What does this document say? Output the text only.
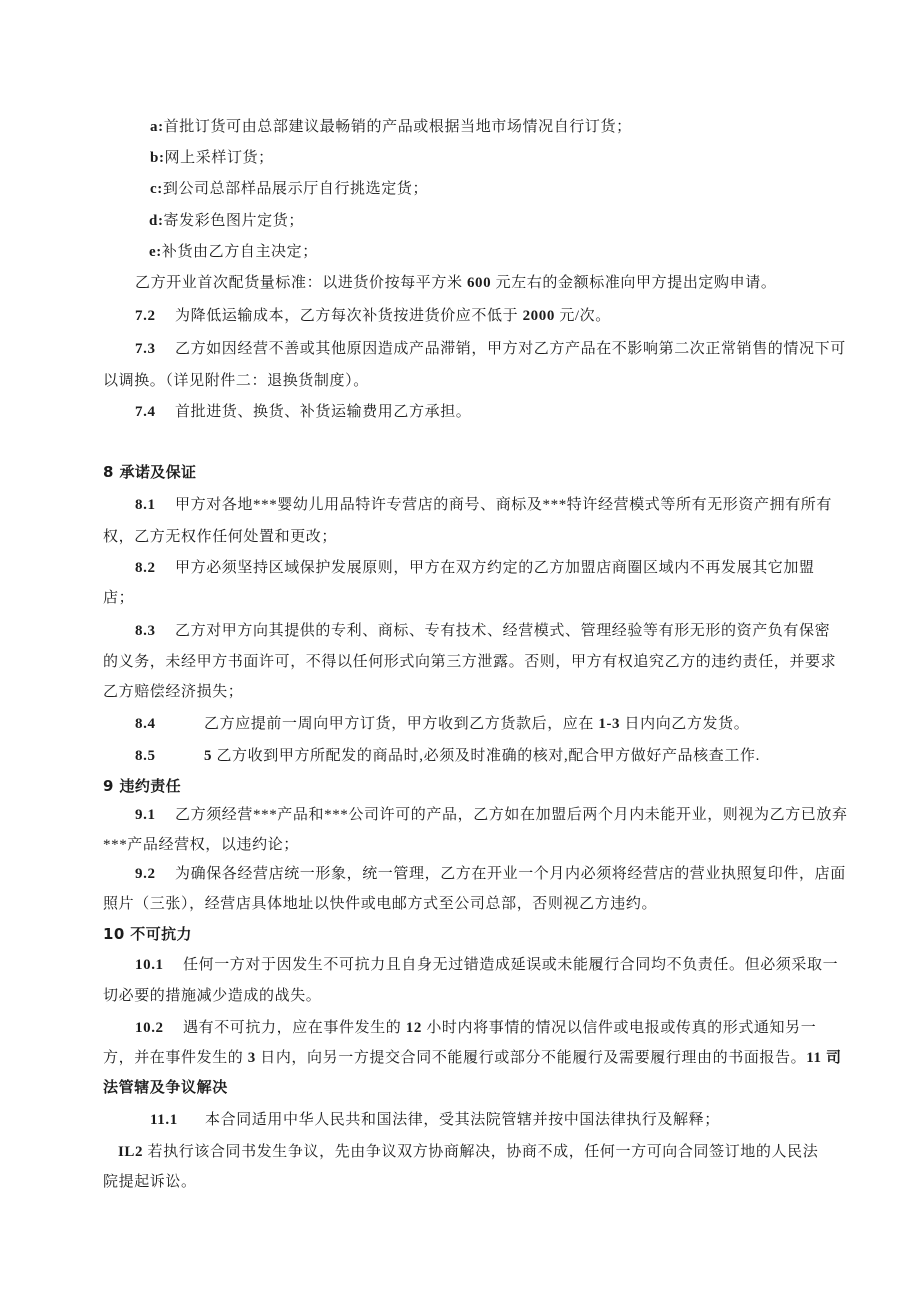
a: 首批订货可由总部建议最畅销的产品或根据当地市场情况自行订货；
b: 网上采样订货；
c: 到公司总部样品展示厅自行挑选定货；
d: 寄发彩色图片定货；
e: 补货由乙方自主决定；
乙方开业首次配货量标准：以进货价按每平方米 600 元左右的金额标准向甲方提出定购申请。
7.2	为降低运输成本，乙方每次补货按进货价应不低于 2000 元/次。
7.3	乙方如因经营不善或其他原因造成产品滞销，甲方对乙方产品在不影响第二次正常销售的情况下可
以调换。（详见附件二：退换货制度）。
7.4	首批进货、换货、补货运输费用乙方承担。
8 承诺及保证
8.1	甲方对各地***婴幼儿用品特许专营店的商号、商标及***特许经营模式等所有无形资产拥有所有
权，乙方无权作任何处置和更改；
8.2	甲方必须坚持区域保护发展原则，甲方在双方约定的乙方加盟店商圈区域内不再发展其它加盟
店；
8.3	乙方对甲方向其提供的专利、商标、专有技术、经营模式、管理经验等有形无形的资产负有保密
的义务，未经甲方书面许可，不得以任何形式向第三方泄露。否则，甲方有权追究乙方的违约责任，并要求
乙方赔偿经济损失；
8.4	乙方应提前一周向甲方订货，甲方收到乙方货款后，应在 1-3 日内向乙方发货。
8.5	5 乙方收到甲方所配发的商品时,必须及时准确的核对,配合甲方做好产品核查工作.
9 违约责任
9.1	乙方须经营***产品和***公司许可的产品，乙方如在加盟后两个月内未能开业，则视为乙方已放弃
***产品经营权，以违约论；
9.2	为确保各经营店统一形象，统一管理，乙方在开业一个月内必须将经营店的营业执照复印件，店面
照片（三张），经营店具体地址以快件或电邮方式至公司总部，否则视乙方违约。
10 不可抗力
10.1	任何一方对于因发生不可抗力且自身无过错造成延误或未能履行合同均不负责任。但必须采取一
切必要的措施减少造成的战失。
10.2	遇有不可抗力，应在事件发生的 12 小时内将事情的情况以信件或电报或传真的形式通知另一
方，并在事件发生的 3 日内，向另一方提交合同不能履行或部分不能履行及需要履行理由的书面报告。 11 司
法管辖及争议解决
11.1	本合同适用中华人民共和国法律，受其法院管辖并按中国法律执行及解释；
IL2 若执行该合同书发生争议，先由争议双方协商解决，协商不成，任何一方可向合同签订地的人民法
院提起诉讼。
